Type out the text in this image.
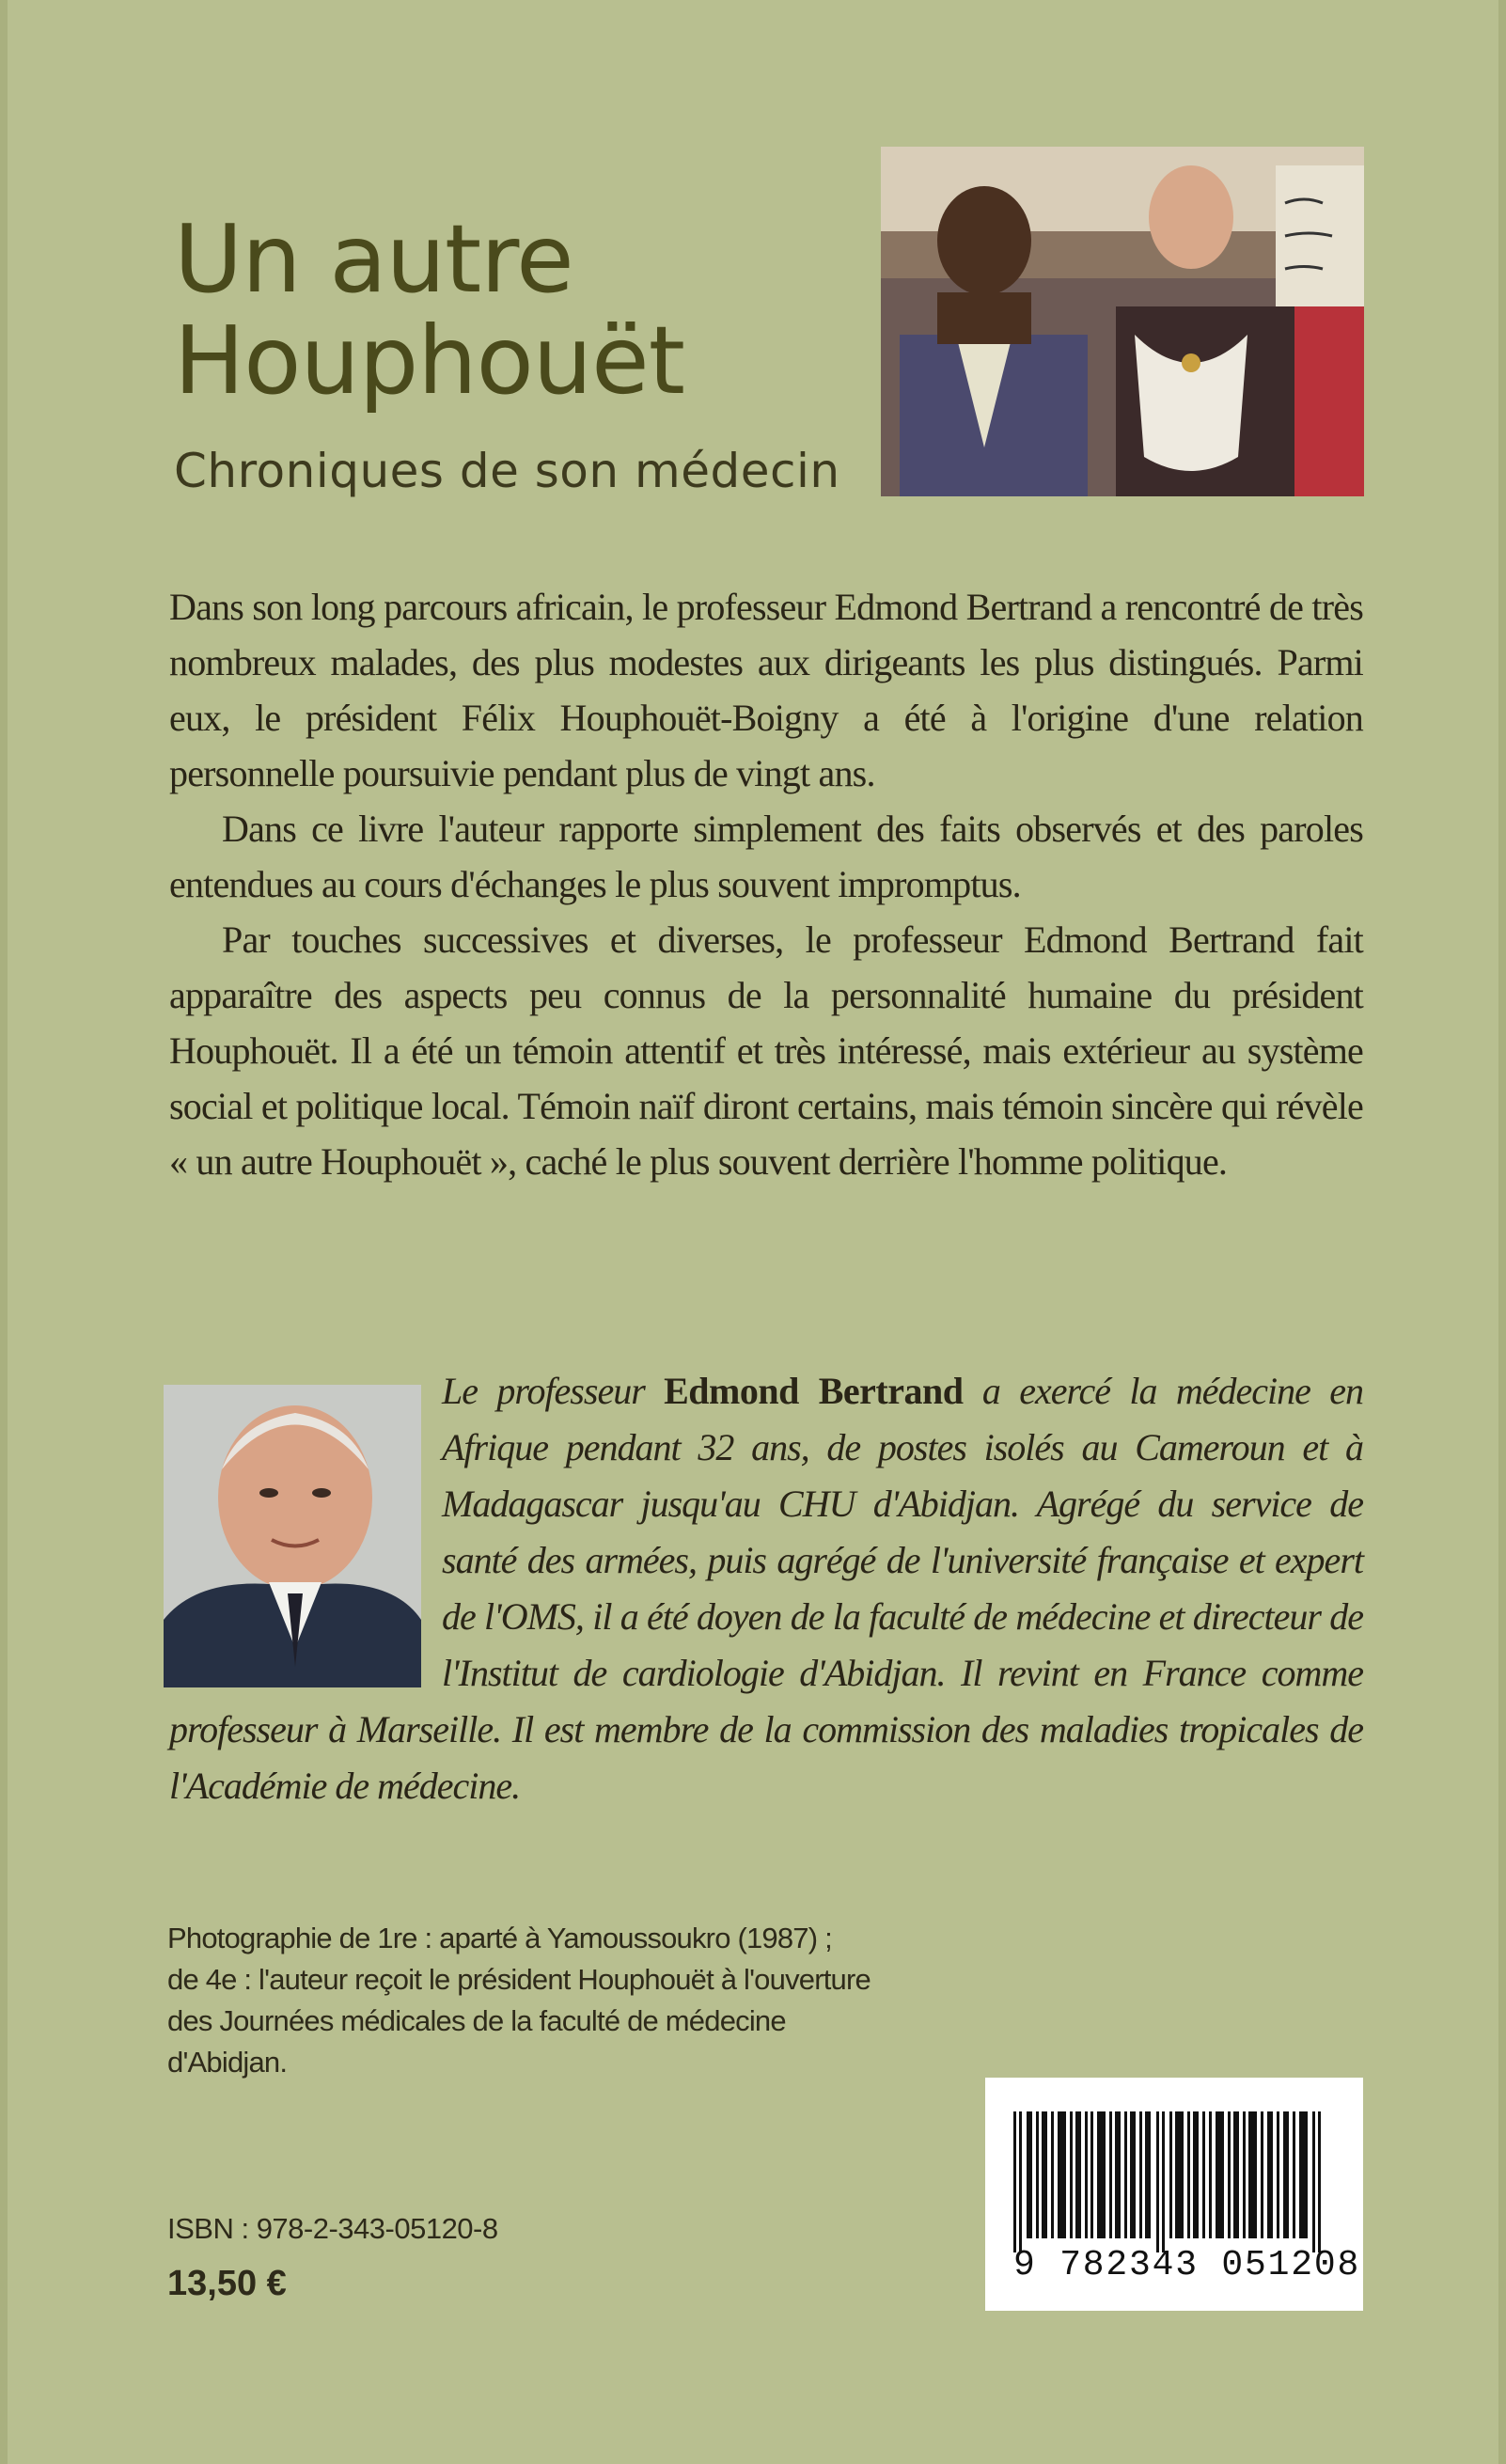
Un autre
Houphouët
Chroniques de son médecin

Dans son long parcours africain, le professeur Edmond Bertrand a rencontré de très nombreux malades, des plus modestes aux dirigeants les plus distingués. Parmi eux, le président Félix Houphouët-Boigny a été à l'origine d'une relation personnelle poursuivie pendant plus de vingt ans.

Dans ce livre l'auteur rapporte simplement des faits observés et des paroles entendues au cours d'échanges le plus souvent impromptus.

Par touches successives et diverses, le professeur Edmond Bertrand fait apparaître des aspects peu connus de la personnalité humaine du président Houphouët. Il a été un témoin attentif et très intéressé, mais extérieur au système social et politique local. Témoin naïf diront certains, mais témoin sincère qui révèle « un autre Houphouët », caché le plus souvent derrière l'homme politique.

Le professeur Edmond Bertrand a exercé la médecine en Afrique pendant 32 ans, de postes isolés au Cameroun et à Madagascar jusqu'au CHU d'Abidjan. Agrégé du service de santé des armées, puis agrégé de l'université française et expert de l'OMS, il a été doyen de la faculté de médecine et directeur de l'Institut de cardiologie d'Abidjan. Il revint en France comme professeur à Marseille. Il est membre de la commission des maladies tropicales de l'Académie de médecine.
Photographie de 1re : aparté à Yamoussoukro (1987) ;
de 4e : l'auteur reçoit le président Houphouët à l'ouverture
des Journées médicales de la faculté de médecine
d'Abidjan.
ISBN : 978-2-343-05120-8
13,50 €	9 782343 051208
